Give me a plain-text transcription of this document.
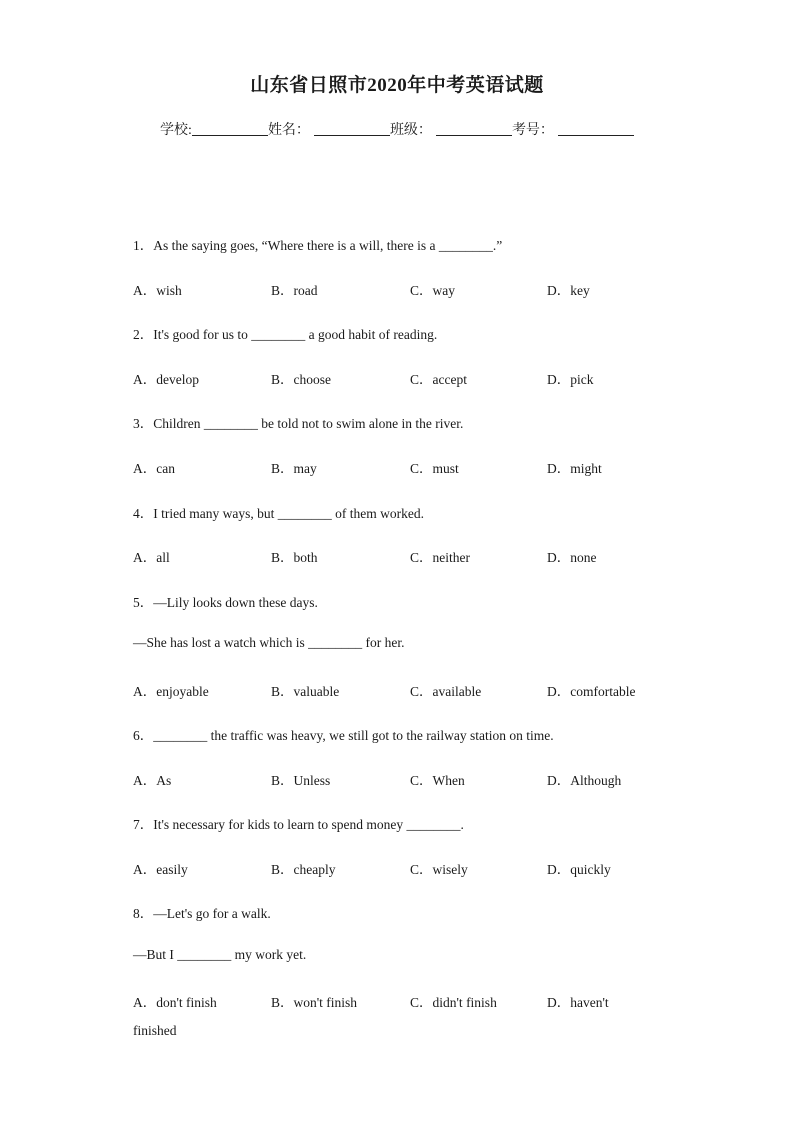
山东省日照市2020年中考英语试题
学校:	姓名：	班级：	考号：
1．As the saying goes, “Where there is a will, there is a ________.”
A．wish	B．road	C．way	D．key
2．It's good for us to ________ a good habit of reading.
A．develop	B．choose	C．accept	D．pick
3．Children ________ be told not to swim alone in the river.
A．can	B．may	C．must	D．might
4．I tried many ways, but ________ of them worked.
A．all	B．both	C．neither	D．none
5．—Lily looks down these days.
—She has lost a watch which is ________ for her.
A．enjoyable	B．valuable	C．available	D．comfortable
6．________ the traffic was heavy, we still got to the railway station on time.
A．As	B．Unless	C．When	D．Although
7．It's necessary for kids to learn to spend money ________.
A．easily	B．cheaply	C．wisely	D．quickly
8．—Let's go for a walk.
—But I ________ my work yet.
A．don't finish	B．won't finish	C．didn't finish	D．haven't
finished
